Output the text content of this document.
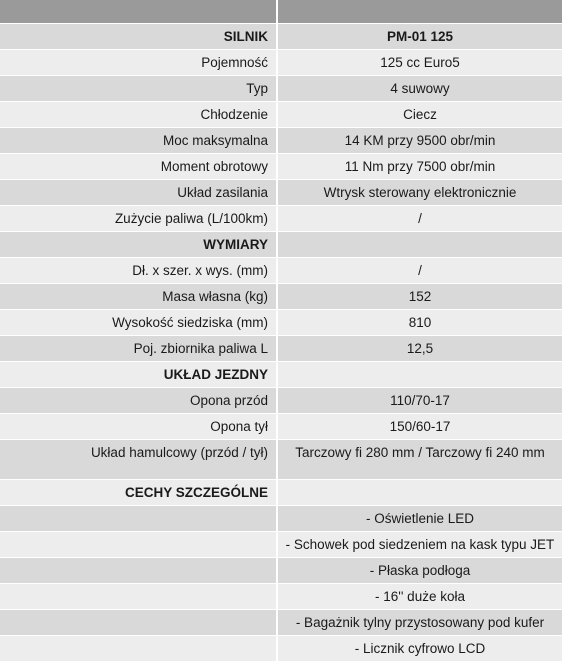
SILNIK	PM-01 125
Pojemność	125 cc Euro5
Typ	4 suwowy
Chłodzenie	Ciecz
Moc maksymalna	14 KM przy 9500 obr/min
Moment obrotowy	11 Nm przy 7500 obr/min
Układ zasilania	Wtrysk sterowany elektronicznie
Zużycie paliwa (L/100km)	/
WYMIARY
Dł. x szer. x wys. (mm)	/
Masa własna (kg)	152
Wysokość siedziska (mm)	810
Poj. zbiornika paliwa L	12,5
UKŁAD JEZDNY
Opona przód	110/70-17
Opona tył	150/60-17
Układ hamulcowy (przód / tył)	Tarczowy fi 280 mm / Tarczowy fi 240 mm
CECHY SZCZEGÓLNE
- Oświetlenie LED
- Schowek pod siedzeniem na kask typu JET
- Płaska podłoga
- 16'' duże koła
- Bagażnik tylny przystosowany pod kufer
- Licznik cyfrowo LCD
